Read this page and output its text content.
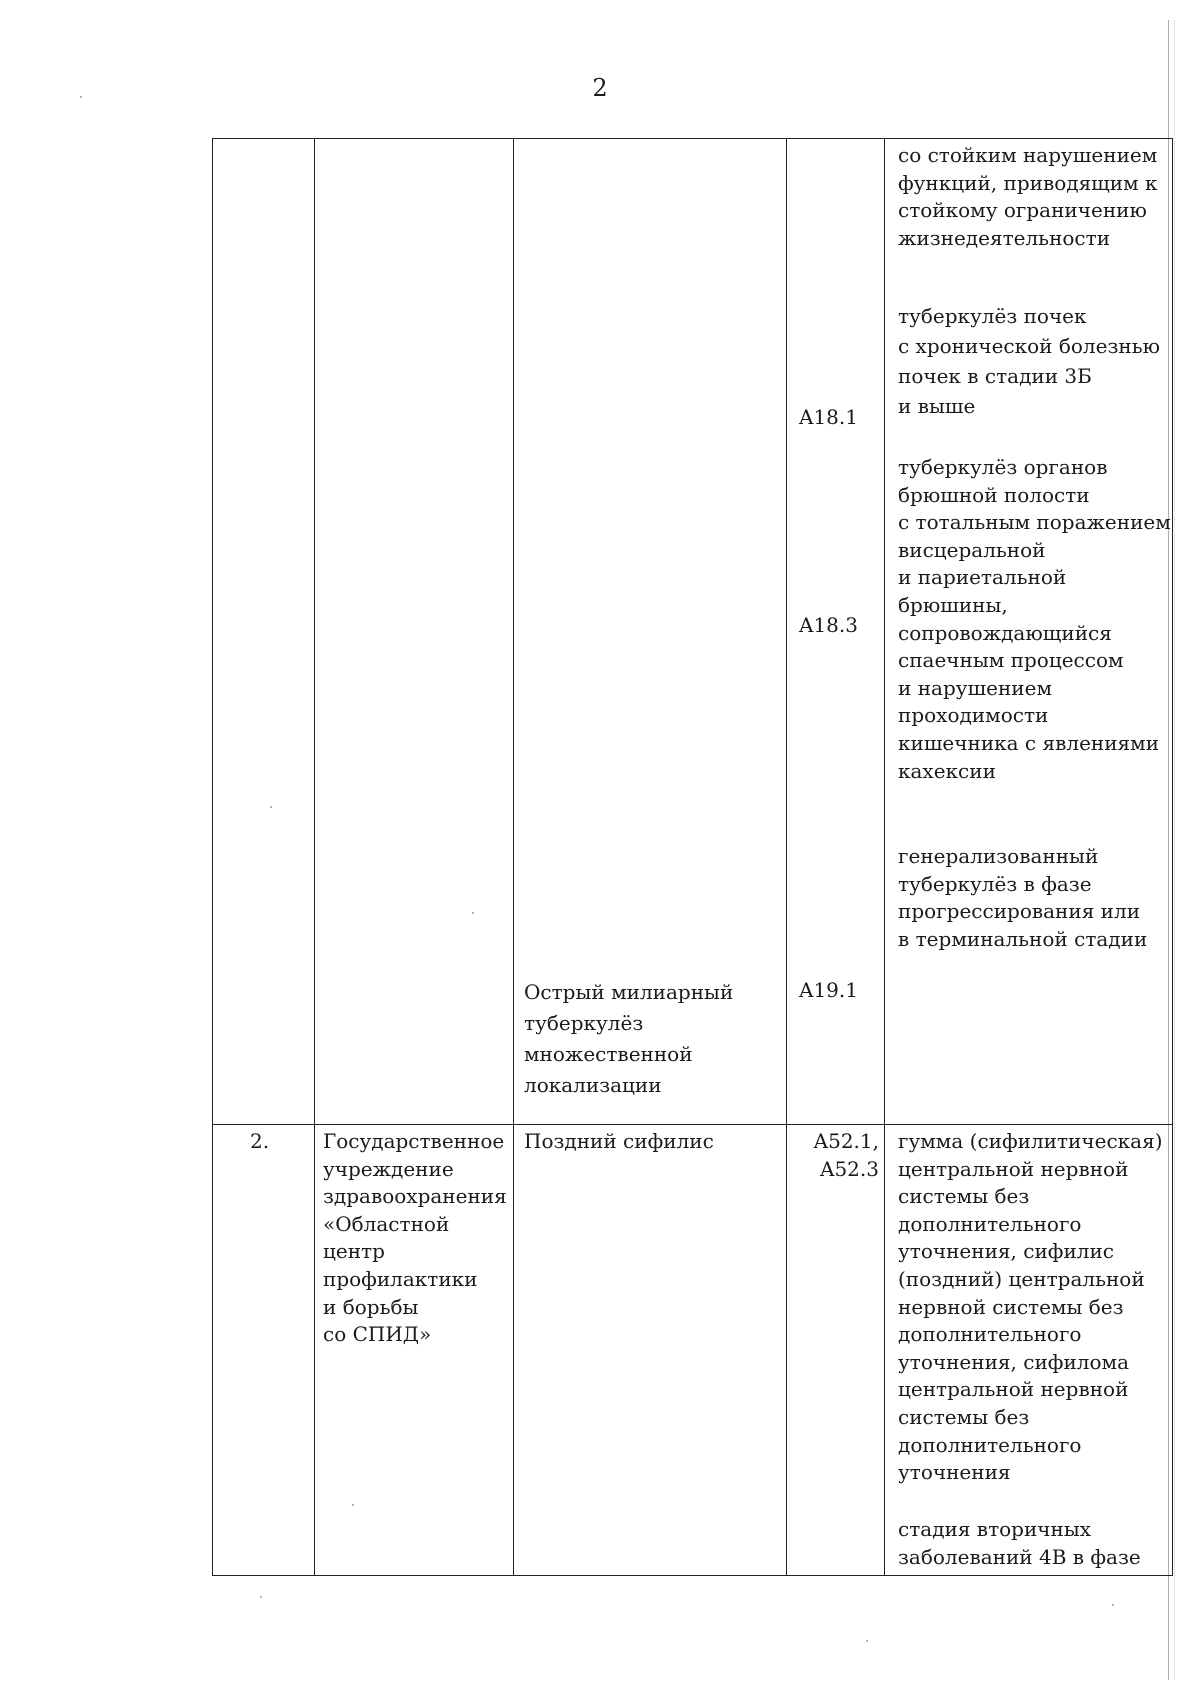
2
со стойким нарушением
функций, приводящим к
стойкому ограничению
жизнедеятельности
туберкулёз почек
с хронической болезнью
почек в стадии 3Б
и выше
A18.1
туберкулёз органов
брюшной полости
с тотальным поражением
висцеральной
и париетальной
брюшины,
сопровождающийся
спаечным процессом
и нарушением
проходимости
кишечника с явлениями
кахексии
A18.3
генерализованный
туберкулёз в фазе
прогрессирования или
в терминальной стадии
Острый милиарный
туберкулёз
множественной
локализации
A19.1
2.	Государственное
учреждение
здравоохранения
«Областной
центр
профилактики
и борьбы
со СПИД»
Поздний сифилис	A52.1,
A52.3
гумма (сифилитическая)
центральной нервной
системы без
дополнительного
уточнения, сифилис
(поздний) центральной
нервной системы без
дополнительного
уточнения, сифилома
центральной нервной
системы без
дополнительного
уточнения
стадия вторичных
заболеваний 4В в фазе
